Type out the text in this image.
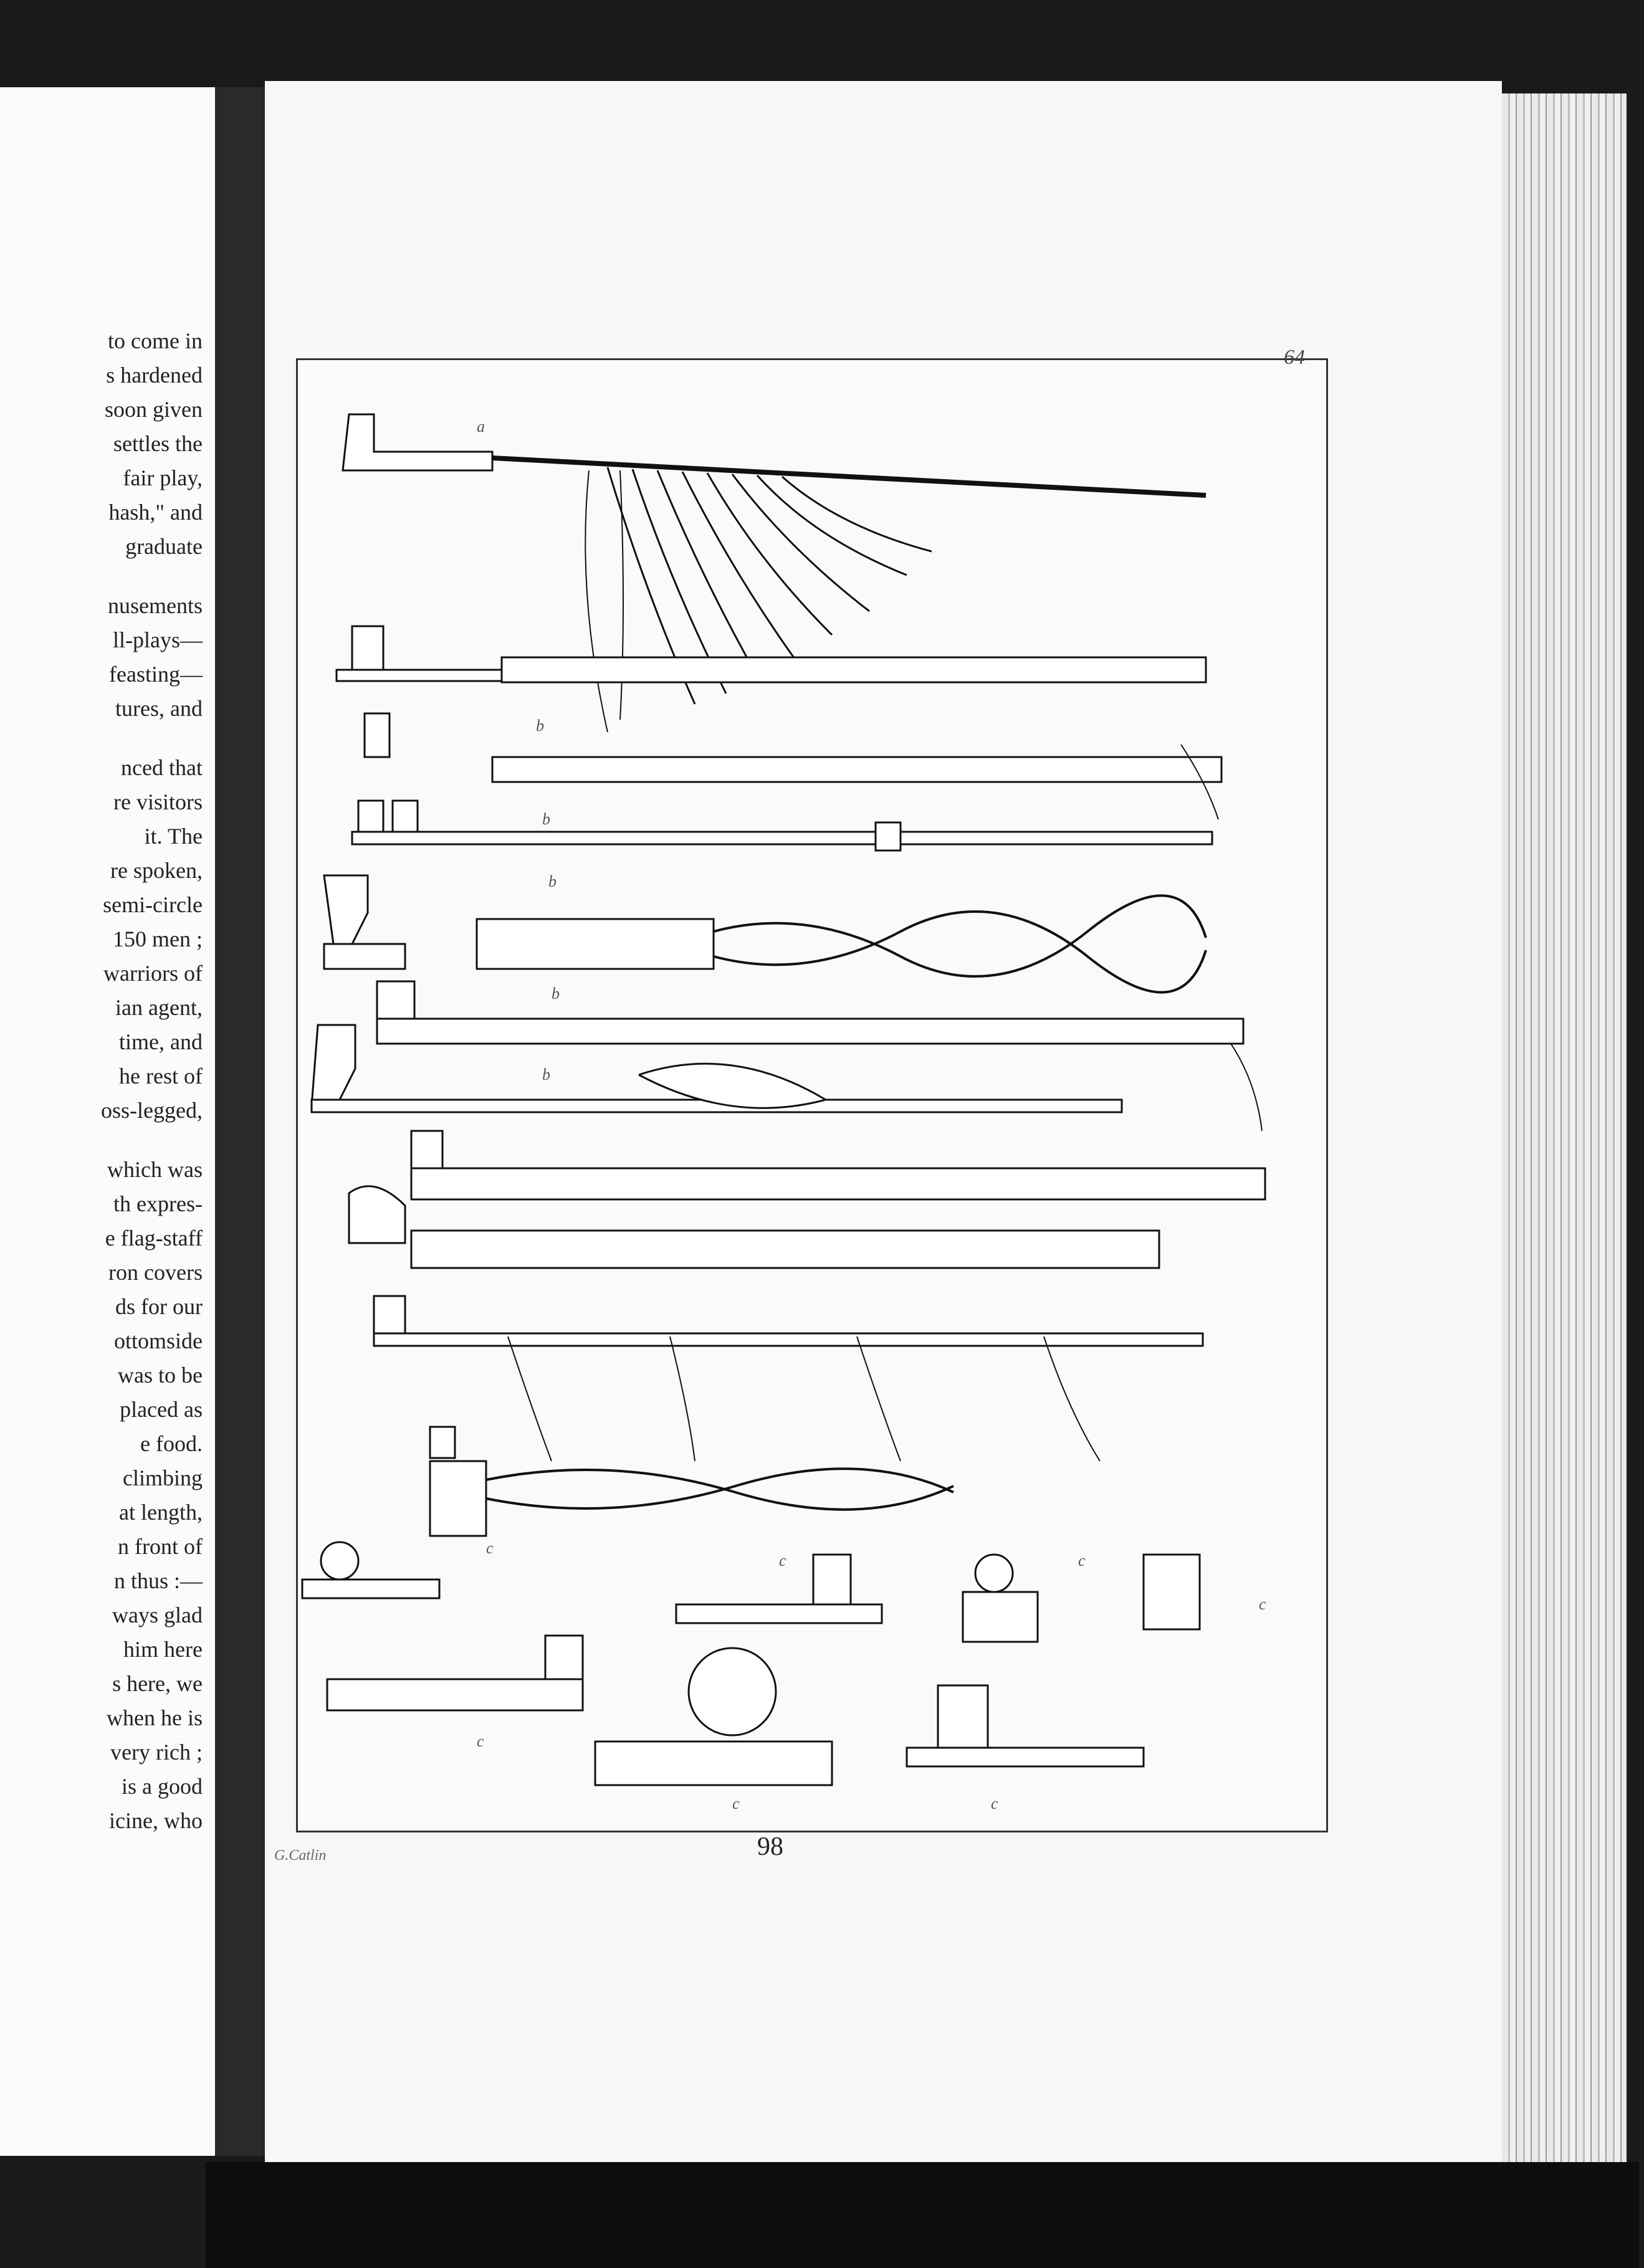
to come in
s hardened
soon given
settles the
fair play,
hash," and
graduate
nusements
ll-plays—
feasting—
tures, and
nced that
re visitors
it. The
re spoken,
semi-circle
150 men ;
warriors of
ian agent,
time, and
he rest of
oss-legged,
which was
th expres-
e flag-staff
ron covers
ds for our
ottomside
was to be
placed as
e food.
climbing
at length,
n front of
n thus :—
ways glad
him here
s here, we
when he is
very rich ;
is a good
icine, who
64
a
b
b
b
b
b
c
c	c
c
c
c	c
G.Catlin	98
